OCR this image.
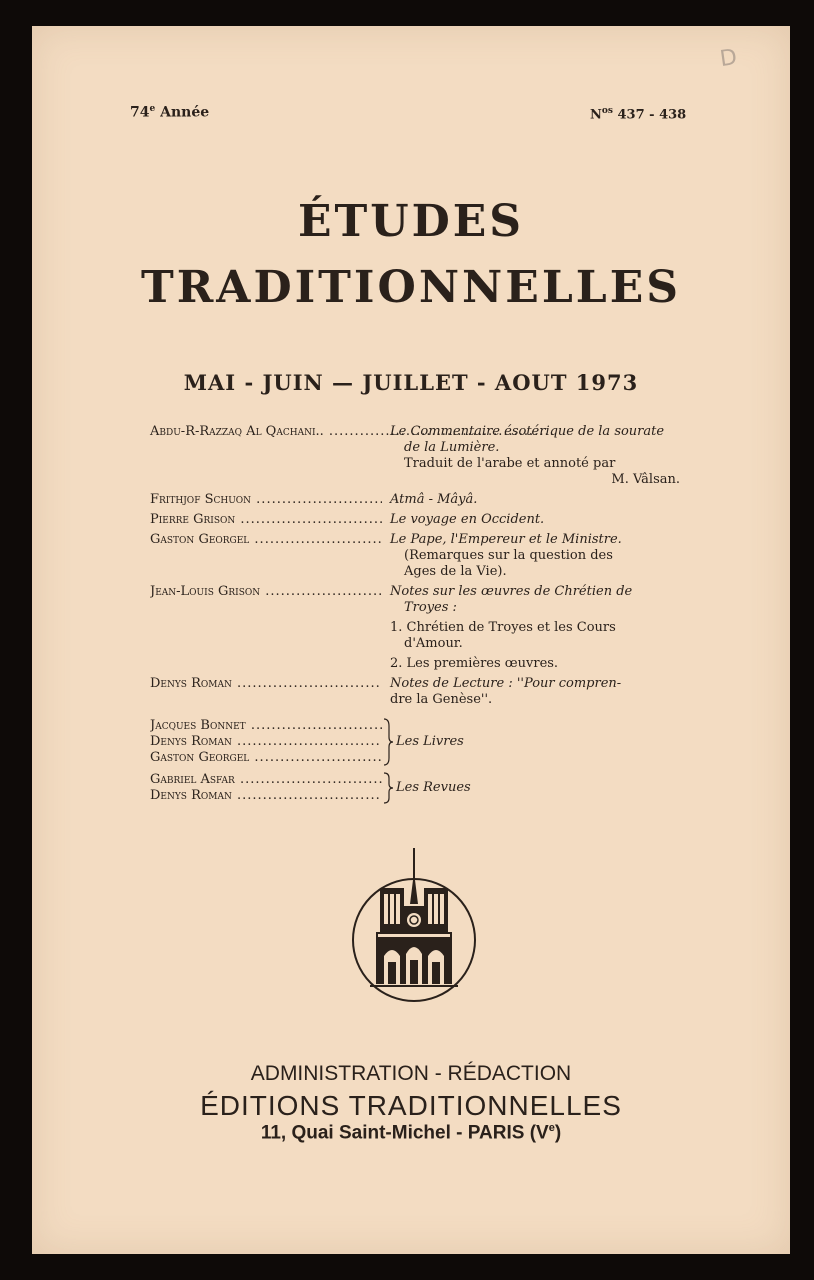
D
74e Année	$N^{os}$ 437 - 438
ÉTUDES
TRADITIONNELLES
MAI - JUIN — JUILLET - AOUT 1973
Abdu-R-Razzaq Al Qachani.. .....	Le Commentaire ésotérique de la sourate
de la Lumière.
Traduit de l'arabe et annoté par
M. Vâlsan.
Frithjof Schuon .....	Atmâ - Mâyâ.
Pierre Grison .....	Le voyage en Occident.
Gaston Georgel .....	Le Pape, l'Empereur et le Ministre.
(Remarques sur la question des
Ages de la Vie).
Jean-Louis Grison .....	Notes sur les œuvres de Chrétien de
Troyes :
1. Chrétien de Troyes et les Cours
d'Amour.
2. Les premières œuvres.
Denys Roman .....	Notes de Lecture : ''Pour compren-
dre la Genèse''.
Jacques Bonnet .....
Denys Roman .....
Gaston Georgel .....
Les Livres
Gabriel Asfar .....
Denys Roman .....
Les Revues
ADMINISTRATION - RÉDACTION
ÉDITIONS TRADITIONNELLES
11, Quai Saint-Michel - PARIS (Ve)
